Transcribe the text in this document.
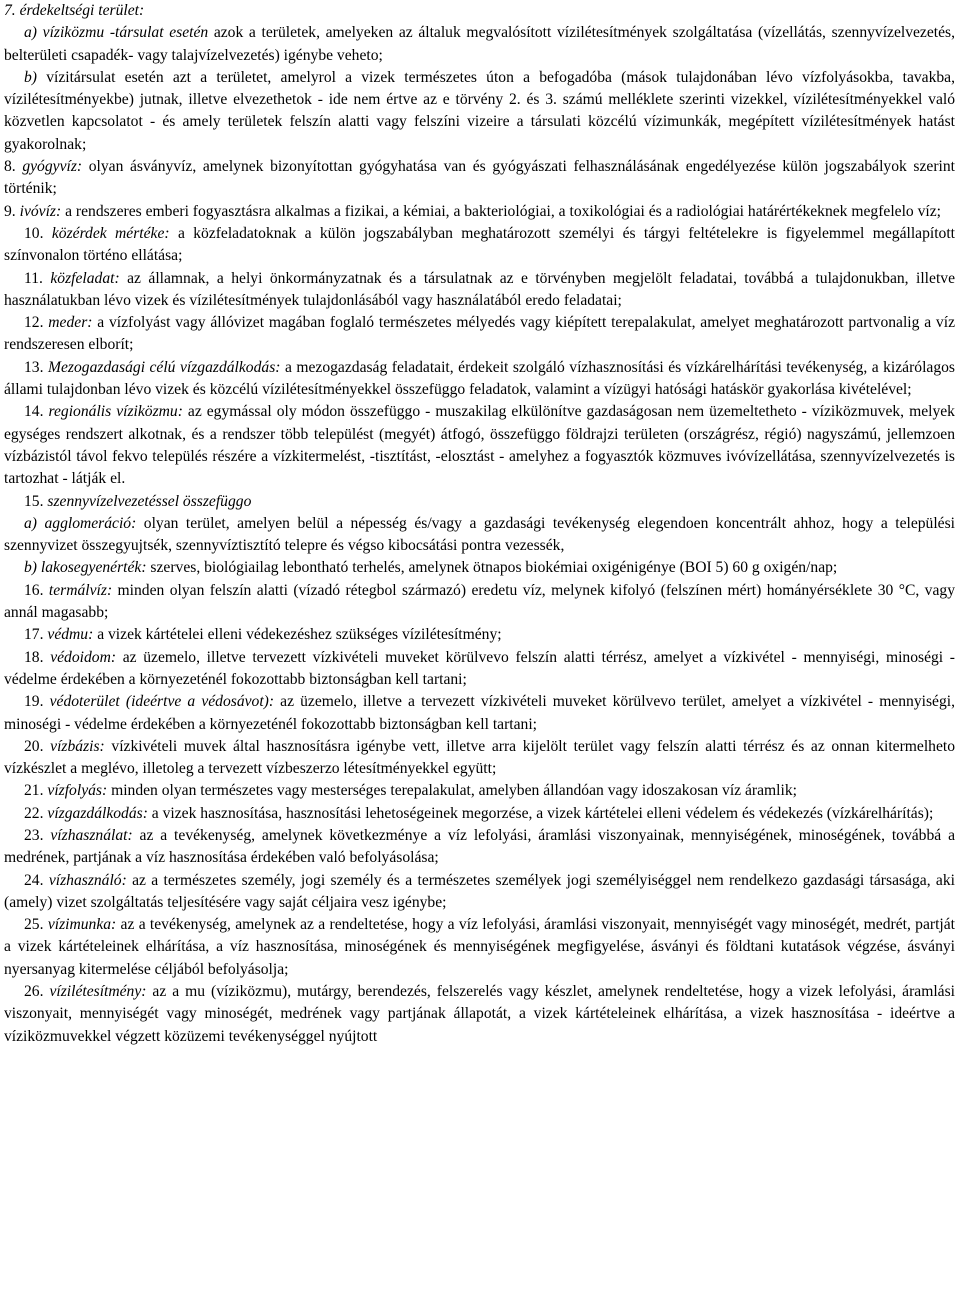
7. érdekeltségi terület:

a) víziközmu -társulat esetén azok a területek, amelyeken az általuk megvalósított vízilétesítmények szolgáltatása (vízellátás, szennyvízelvezetés, belterületi csapadék- vagy talajvízelvezetés) igénybe veheto;

b) vízitársulat esetén azt a területet, amelyrol a vizek természetes úton a befogadóba (mások tulajdonában lévo vízfolyásokba, tavakba, vízilétesítményekbe) jutnak, illetve elvezethetok - ide nem értve az e törvény 2. és 3. számú melléklete szerinti vizekkel, vízilétesítményekkel való közvetlen kapcsolatot - és amely területek felszín alatti vagy felszíni vizeire a társulati közcélú vízimunkák, megépített vízilétesítmények hatást gyakorolnak;

8. gyógyvíz: olyan ásványvíz, amelynek bizonyítottan gyógyhatása van és gyógyászati felhasználásának engedélyezése külön jogszabályok szerint történik;

9. ivóvíz: a rendszeres emberi fogyasztásra alkalmas a fizikai, a kémiai, a bakteriológiai, a toxikológiai és a radiológiai határértékeknek megfelelo víz;

10. közérdek mértéke: a közfeladatoknak a külön jogszabályban meghatározott személyi és tárgyi feltételekre is figyelemmel megállapított színvonalon történo ellátása;

11. közfeladat: az államnak, a helyi önkormányzatnak és a társulatnak az e törvényben megjelölt feladatai, továbbá a tulajdonukban, illetve használatukban lévo vizek és vízilétesítmények tulajdonlásából vagy használatából eredo feladatai;

12. meder: a vízfolyást vagy állóvizet magában foglaló természetes mélyedés vagy kiépített terepalakulat, amelyet meghatározott partvonalig a víz rendszeresen elborít;

13. Mezogazdasági célú vízgazdálkodás: a mezogazdaság feladatait, érdekeit szolgáló vízhasznosítási és vízkárelhárítási tevékenység, a kizárólagos állami tulajdonban lévo vizek és közcélú vízilétesítményekkel összefüggo feladatok, valamint a vízügyi hatósági hatáskör gyakorlása kivételével;

14. regionális víziközmu: az egymással oly módon összefüggo - muszakilag elkülönítve gazdaságosan nem üzemeltetheto - víziközmuvek, melyek egységes rendszert alkotnak, és a rendszer több települést (megyét) átfogó, összefüggo földrajzi területen (országrész, régió) nagyszámú, jellemzoen vízbázistól távol fekvo település részére a vízkitermelést, -tisztítást, -elosztást - amelyhez a fogyasztók közmuves ivóvízellátása, szennyvízelvezetés is tartozhat - látják el.

15. szennyvízelvezetéssel összefüggo

a) agglomeráció: olyan terület, amelyen belül a népesség és/vagy a gazdasági tevékenység elegendoen koncentrált ahhoz, hogy a települési szennyvizet összegyujtsék, szennyvíztisztító telepre és végso kibocsátási pontra vezessék,

b) lakosegyenérték: szerves, biológiailag lebontható terhelés, amelynek ötnapos biokémiai oxigénigénye (BOI 5) 60 g oxigén/nap;

16. termálvíz: minden olyan felszín alatti (vízadó rétegbol származó) eredetu víz, melynek kifolyó (felszínen mért) hományérséklete 30 °C, vagy annál magasabb;

17. védmu: a vizek kártételei elleni védekezéshez szükséges vízilétesítmény;

18. védoidom: az üzemelo, illetve tervezett vízkivételi muveket körülvevo felszín alatti térrész, amelyet a vízkivétel - mennyiségi, minoségi - védelme érdekében a környezeténél fokozottabb biztonságban kell tartani;

19. védoterület (ideértve a védosávot): az üzemelo, illetve a tervezett vízkivételi muveket körülvevo terület, amelyet a vízkivétel - mennyiségi, minoségi - védelme érdekében a környezeténél fokozottabb biztonságban kell tartani;

20. vízbázis: vízkivételi muvek által hasznosításra igénybe vett, illetve arra kijelölt terület vagy felszín alatti térrész és az onnan kitermelheto vízkészlet a meglévo, illetoleg a tervezett vízbeszerzo létesítményekkel együtt;

21. vízfolyás: minden olyan természetes vagy mesterséges terepalakulat, amelyben állandóan vagy idoszakosan víz áramlik;

22. vízgazdálkodás: a vizek hasznosítása, hasznosítási lehetoségeinek megorzése, a vizek kártételei elleni védelem és védekezés (vízkárelhárítás);

23. vízhasználat: az a tevékenység, amelynek következménye a víz lefolyási, áramlási viszonyainak, mennyiségének, minoségének, továbbá a medrének, partjának a víz hasznosítása érdekében való befolyásolása;

24. vízhasználó: az a természetes személy, jogi személy és a természetes személyek jogi személyiséggel nem rendelkezo gazdasági társasága, aki (amely) vizet szolgáltatás teljesítésére vagy saját céljaira vesz igénybe;

25. vízimunka: az a tevékenység, amelynek az a rendeltetése, hogy a víz lefolyási, áramlási viszonyait, mennyiségét vagy minoségét, medrét, partját a vizek kártételeinek elhárítása, a víz hasznosítása, minoségének és mennyiségének megfigyelése, ásványi és földtani kutatások végzése, ásványi nyersanyag kitermelése céljából befolyásolja;

26. vízilétesítmény: az a mu (víziközmu), mutárgy, berendezés, felszerelés vagy készlet, amelynek rendeltetése, hogy a vizek lefolyási, áramlási viszonyait, mennyiségét vagy minoségét, medrének vagy partjának állapotát, a vizek kártételeinek elhárítása, a vizek hasznosítása - ideértve a víziközmuvekkel végzett közüzemi tevékenységgel nyújtott
